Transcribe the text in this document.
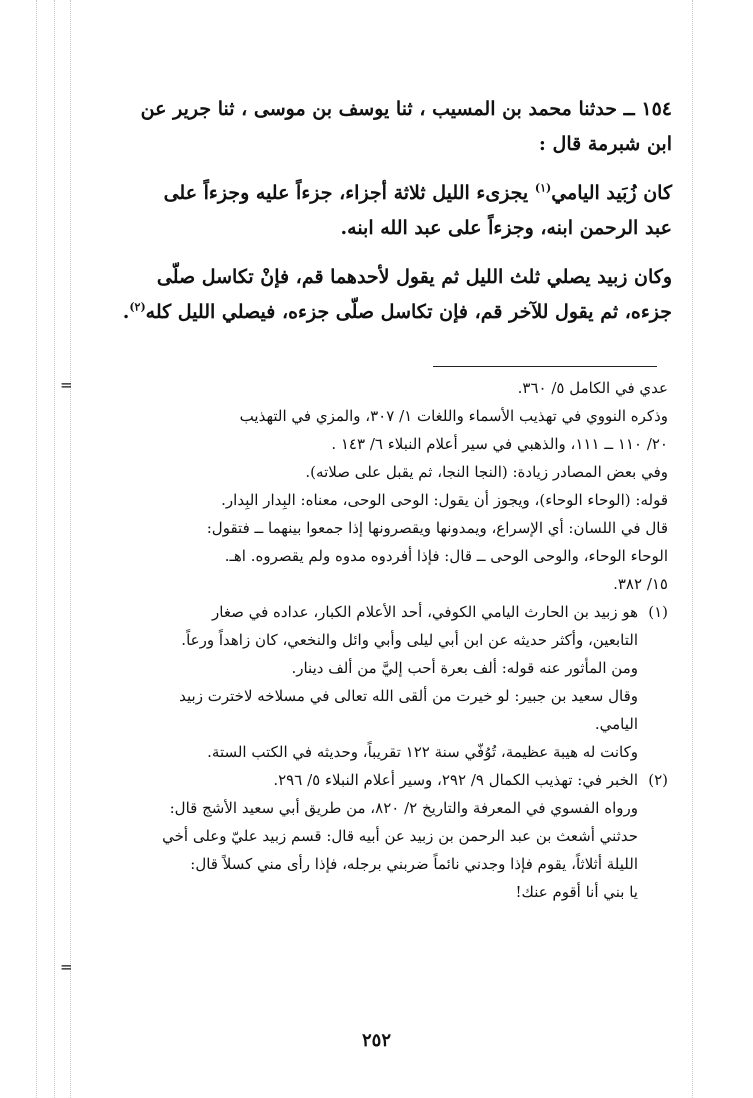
١٥٤ ــ حدثنا محمد بن المسيب ، ثنا يوسف بن موسى ، ثنا جرير عن

ابن شبرمة قال :

كان زُبَيد اليامي$^{(١)}$ يجزىء الليل ثلاثة أجزاء، جزءاً عليه وجزءاً على

عبد الرحمن ابنه، وجزءاً على عبد الله ابنه.

وكان زبيد يصلي ثلث الليل ثم يقول لأحدهما قم، فإنْ تكاسل صلّى

جزءه، ثم يقول للآخر قم، فإن تكاسل صلّى جزءه، فيصلي الليل كله$^{(٢)}$.

=	عدي في الكامل ٥/ ٣٦٠.

وذكره النووي في تهذيب الأسماء واللغات ١/ ٣٠٧، والمزي في التهذيب

٢٠/ ١١٠ ــ ١١١، والذهبي في سير أعلام النبلاء ٦/ ١٤٣ .

وفي بعض المصادر زيادة: (النجا النجا، ثم يقبل على صلاته).

قوله: (الوحاء الوحاء)، ويجوز أن يقول: الوحى الوحى، معناه: البِدار البِدار.

قال في اللسان: أي الإسراع، ويمدونها ويقصرونها إذا جمعوا بينهما ــ فتقول:

الوحاء الوحاء، والوحى الوحى ــ قال: فإذا أفردوه مدوه ولم يقصروه. اهـ.

١٥/ ٣٨٢.

(١)

هو زبيد بن الحارث اليامي الكوفي، أحد الأعلام الكبار، عداده في صغار

التابعين، وأكثر حديثه عن ابن أبي ليلى وأبي وائل والنخعي، كان زاهداً ورعاً.

ومن المأثور عنه قوله: ألف بعرة أحب إليَّ من ألف دينار.

وقال سعيد بن جبير: لو خيرت من ألقى الله تعالى في مسلاخه لاخترت زبيد

اليامي.

وكانت له هيبة عظيمة، تُوُفّي سنة ١٢٢ تقريباً، وحديثه في الكتب الستة.

(٢)

الخبر في: تهذيب الكمال ٩/ ٢٩٢، وسير أعلام النبلاء ٥/ ٢٩٦.

ورواه الفسوي في المعرفة والتاريخ ٢/ ٨٢٠، من طريق أبي سعيد الأشج قال:

حدثني أشعث بن عبد الرحمن بن زبيد عن أبيه قال: قسم زبيد عليّ وعلى أخي

الليلة أثلاثاً، يقوم فإذا وجدني نائماً ضربني برجله، فإذا رأى مني كسلاً قال:

يا بني أنا أقوم عنك!

=
٢٥٢
